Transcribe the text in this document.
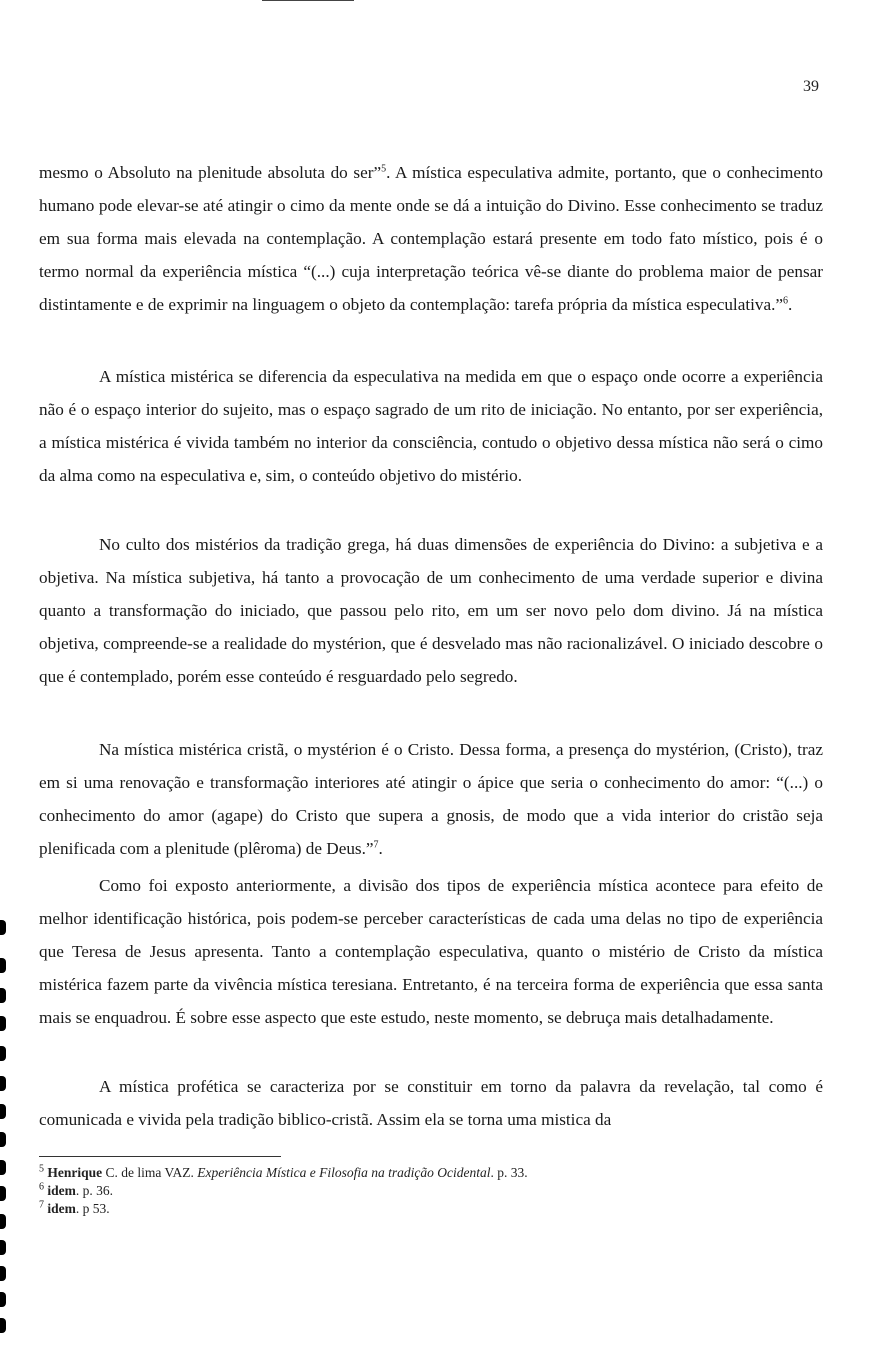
39

mesmo o Absoluto na plenitude absoluta do ser”$^5$. A mística especulativa admite, portanto, que o conhecimento humano pode elevar-se até atingir o cimo da mente onde se dá a intuição do Divino. Esse conhecimento se traduz em sua forma mais elevada na contemplação. A contemplação estará presente em todo fato místico, pois é o termo normal da experiência mística “(...) cuja interpretação teórica vê-se diante do problema maior de pensar distintamente e de exprimir na linguagem o objeto da contemplação: tarefa própria da mística especulativa.”$^6$.

A mística mistérica se diferencia da especulativa na medida em que o espaço onde ocorre a experiência não é o espaço interior do sujeito, mas o espaço sagrado de um rito de iniciação. No entanto, por ser experiência, a mística mistérica é vivida também no interior da consciência, contudo o objetivo dessa mística não será o cimo da alma como na especulativa e, sim, o conteúdo objetivo do mistério.

No culto dos mistérios da tradição grega, há duas dimensões de experiência do Divino: a subjetiva e a objetiva. Na mística subjetiva, há tanto a provocação de um conhecimento de uma verdade superior e divina quanto a transformação do iniciado, que passou pelo rito, em um ser novo pelo dom divino. Já na mística objetiva, compreende-se a realidade do mystérion, que é desvelado mas não racionalizável. O iniciado descobre o que é contemplado, porém esse conteúdo é resguardado pelo segredo.

Na mística mistérica cristã, o mystérion é o Cristo. Dessa forma, a presença do mystérion, (Cristo), traz em si uma renovação e transformação interiores até atingir o ápice que seria o conhecimento do amor: “(...) o conhecimento do amor (agape) do Cristo que supera a gnosis, de modo que a vida interior do cristão seja plenificada com a plenitude (plêroma) de Deus.”$^7$.

Como foi exposto anteriormente, a divisão dos tipos de experiência mística acontece para efeito de melhor identificação histórica, pois podem-se perceber características de cada uma delas no tipo de experiência que Teresa de Jesus apresenta. Tanto a contemplação especulativa, quanto o mistério de Cristo da mística mistérica fazem parte da vivência mística teresiana. Entretanto, é na terceira forma de experiência que essa santa mais se enquadrou. É sobre esse aspecto que este estudo, neste momento, se debruça mais detalhadamente.

A mística profética se caracteriza por se constituir em torno da palavra da revelação, tal como é comunicada e vivida pela tradição biblico-cristã. Assim ela se torna uma mistica da

$^5$ Henrique C. de lima VAZ. Experiência Mística e Filosofia na tradição Ocidental. p. 33.

$^6$ idem. p. 36.

$^7$ idem. p 53.
